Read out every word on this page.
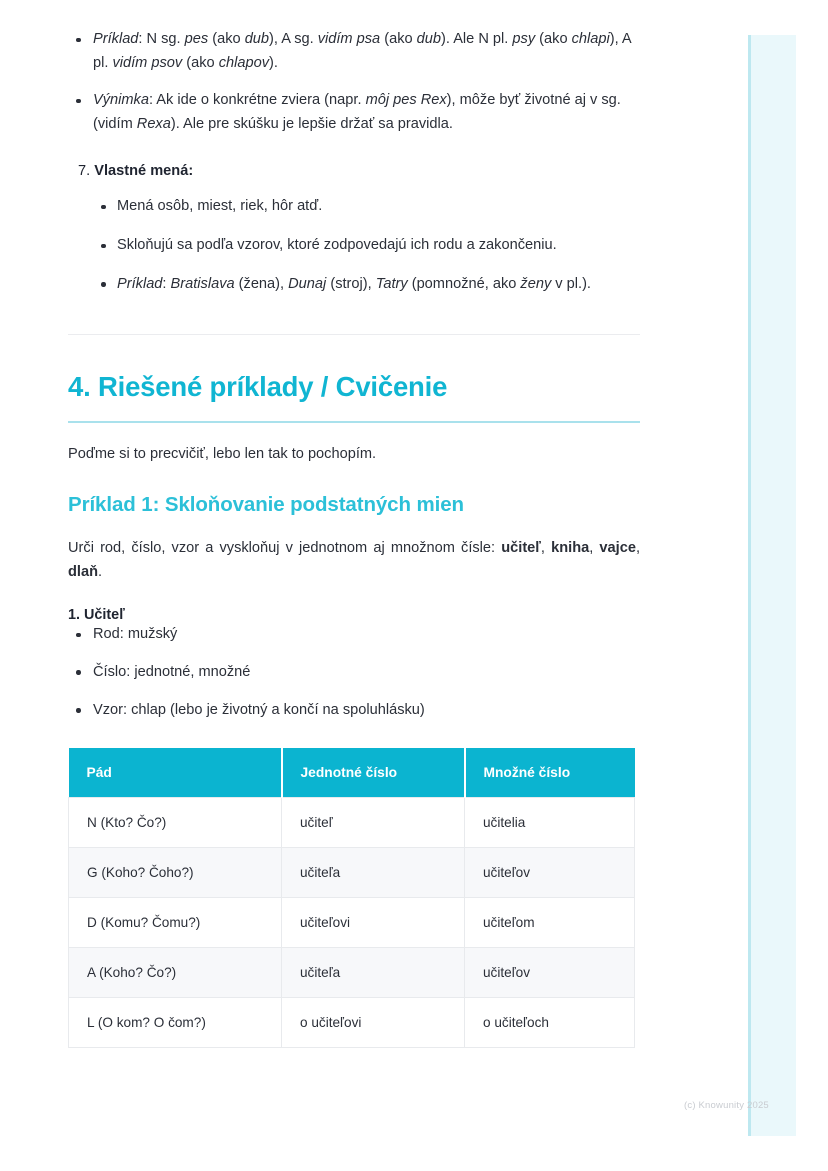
Príklad: N sg. pes (ako dub), A sg. vidím psa (ako dub). Ale N pl. psy (ako chlapi), A pl. vidím psov (ako chlapov).
Výnimka: Ak ide o konkrétne zviera (napr. môj pes Rex), môže byť životné aj v sg. (vidím Rexa). Ale pre skúšku je lepšie držať sa pravidla.
7. Vlastné mená:
Mená osôb, miest, riek, hôr atď.
Skloňujú sa podľa vzorov, ktoré zodpovedajú ich rodu a zakončeniu.
Príklad: Bratislava (žena), Dunaj (stroj), Tatry (pomnožné, ako ženy v pl.).
4. Riešené príklady / Cvičenie

Poďme si to precvičiť, lebo len tak to pochopím.

Príklad 1: Skloňovanie podstatných mien

Urči rod, číslo, vzor a vyskloňuj v jednotnom aj množnom čísle: učiteľ, kniha, vajce, dlaň.

1. Učiteľ
Rod: mužský
Číslo: jednotné, množné
Vzor: chlap (lebo je životný a končí na spoluhlásku)
Pád	Jednotné číslo	Množné číslo
N (Kto? Čo?)	učiteľ	učitelia
G (Koho? Čoho?)	učiteľa	učiteľov
D (Komu? Čomu?)	učiteľovi	učiteľom
A (Koho? Čo?)	učiteľa	učiteľov
L (O kom? O čom?)	o učiteľovi	o učiteľoch
(c) Knowunity 2025
